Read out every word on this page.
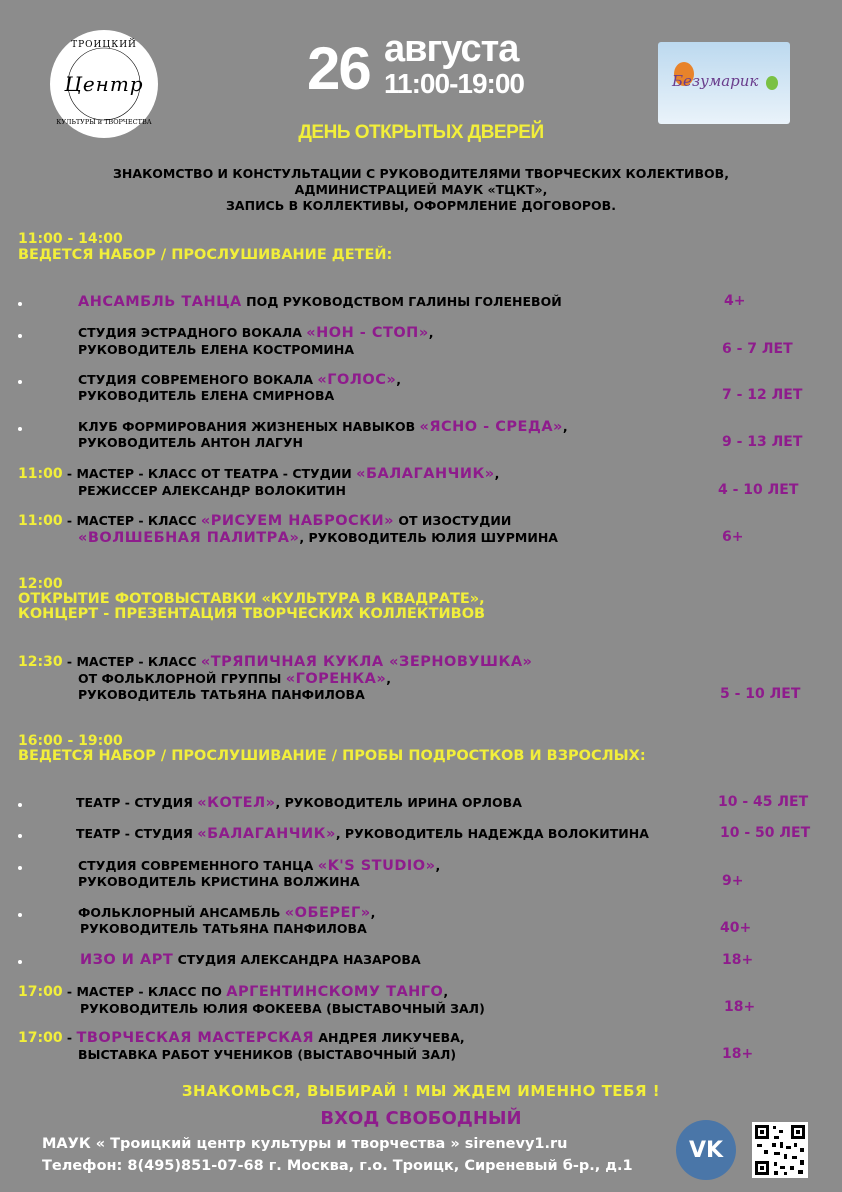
ТРОИЦКИЙ
Центр
КУЛЬТУРЫ и ТВОРЧЕСТВА
26 августа
11:00-19:00	Безумарик
ДЕНЬ ОТКРЫТЫХ ДВЕРЕЙ
ЗНАКОМСТВО И КОНСТУЛЬТАЦИИ С РУКОВОДИТЕЛЯМИ ТВОРЧЕСКИХ КОЛЕКТИВОВ,
АДМИНИСТРАЦИЕЙ МАУК «ТЦКТ»,
ЗАПИСЬ В КОЛЛЕКТИВЫ, ОФОРМЛЕНИЕ ДОГОВОРОВ.
11:00 - 14:00
ВЕДЕТСЯ НАБОР / ПРОСЛУШИВАНИЕ ДЕТЕЙ:
АНСАМБЛЬ ТАНЦА ПОД РУКОВОДСТВОМ ГАЛИНЫ ГОЛЕНЕВОЙ	4+
СТУДИЯ ЭСТРАДНОГО ВОКАЛА «НОН - СТОП»,
РУКОВОДИТЕЛЬ ЕЛЕНА КОСТРОМИНА	6 - 7 ЛЕТ
СТУДИЯ СОВРЕМЕНОГО ВОКАЛА «ГОЛОС»,
РУКОВОДИТЕЛЬ ЕЛЕНА СМИРНОВА	7 - 12 ЛЕТ
КЛУБ ФОРМИРОВАНИЯ ЖИЗНЕНЫХ НАВЫКОВ «ЯСНО - СРЕДА»,
РУКОВОДИТЕЛЬ АНТОН ЛАГУН	9 - 13 ЛЕТ
11:00 - МАСТЕР - КЛАСС ОТ ТЕАТРА - СТУДИИ «БАЛАГАНЧИК»,
РЕЖИССЕР АЛЕКСАНДР ВОЛОКИТИН	4 - 10 ЛЕТ
11:00 - МАСТЕР - КЛАСС «РИСУЕМ НАБРОСКИ» ОТ ИЗОСТУДИИ
«ВОЛШЕБНАЯ ПАЛИТРА», РУКОВОДИТЕЛЬ ЮЛИЯ ШУРМИНА	6+
12:00
ОТКРЫТИЕ ФОТОВЫСТАВКИ «КУЛЬТУРА В КВАДРАТЕ»,
КОНЦЕРТ - ПРЕЗЕНТАЦИЯ ТВОРЧЕСКИХ КОЛЛЕКТИВОВ
12:30 - МАСТЕР - КЛАСС «ТРЯПИЧНАЯ КУКЛА «ЗЕРНОВУШКА»
ОТ ФОЛЬКЛОРНОЙ ГРУППЫ «ГОРЕНКА»,
РУКОВОДИТЕЛЬ ТАТЬЯНА ПАНФИЛОВА	5 - 10 ЛЕТ
16:00 - 19:00
ВЕДЕТСЯ НАБОР / ПРОСЛУШИВАНИЕ / ПРОБЫ ПОДРОСТКОВ И ВЗРОСЛЫХ:
ТЕАТР - СТУДИЯ «КОТЕЛ», РУКОВОДИТЕЛЬ ИРИНА ОРЛОВА	10 - 45 ЛЕТ
ТЕАТР - СТУДИЯ «БАЛАГАНЧИК», РУКОВОДИТЕЛЬ НАДЕЖДА ВОЛОКИТИНА	10 - 50 ЛЕТ
СТУДИЯ СОВРЕМЕННОГО ТАНЦА «K'S STUDIO»,
РУКОВОДИТЕЛЬ КРИСТИНА ВОЛЖИНА	9+
ФОЛЬКЛОРНЫЙ АНСАМБЛЬ «ОБЕРЕГ»,
РУКОВОДИТЕЛЬ ТАТЬЯНА ПАНФИЛОВА	40+
ИЗО И АРТ СТУДИЯ АЛЕКСАНДРА НАЗАРОВА	18+
17:00 - МАСТЕР - КЛАСС ПО АРГЕНТИНСКОМУ ТАНГО,
РУКОВОДИТЕЛЬ ЮЛИЯ ФОКЕЕВА (ВЫСТАВОЧНЫЙ ЗАЛ)	18+
17:00 - ТВОРЧЕСКАЯ МАСТЕРСКАЯ АНДРЕЯ ЛИКУЧЕВА,
ВЫСТАВКА РАБОТ УЧЕНИКОВ (ВЫСТАВОЧНЫЙ ЗАЛ)	18+
ЗНАКОМЬСЯ, ВЫБИРАЙ ! МЫ ЖДЕМ ИМЕННО ТЕБЯ !
ВХОД СВОБОДНЫЙ
МАУК « Троицкий центр культуры и творчества » sirenevy1.ru
Телефон: 8(495)851-07-68 г. Москва, г.о. Троицк, Сиреневый б-р., д.1
VK
